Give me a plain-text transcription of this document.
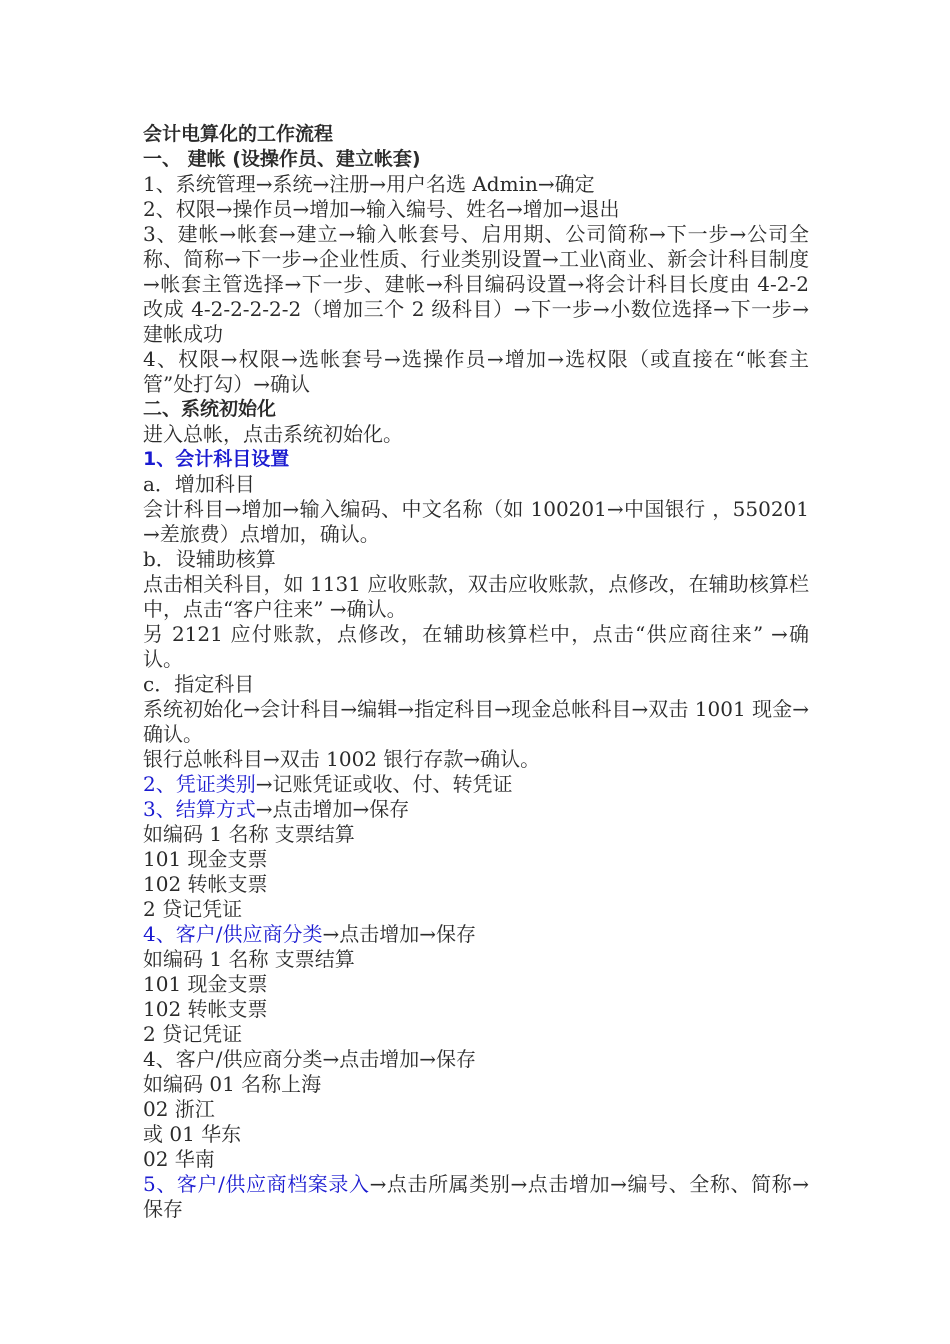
会计电算化的工作流程

一、 建帐 (设操作员、建立帐套)

1、系统管理→系统→注册→用户名选 Admin→确定

2、权限→操作员→增加→输入编号、姓名→增加→退出

3、建帐→帐套→建立→输入帐套号、启用期、公司简称→下一步→公司全称、简称→下一步→企业性质、行业类别设置→工业\商业、新会计科目制度→帐套主管选择→下一步、建帐→科目编码设置→将会计科目长度由 4-2-2 改成 4-2-2-2-2-2（增加三个 2 级科目）→下一步→小数位选择→下一步→建帐成功

4、权限→权限→选帐套号→选操作员→增加→选权限（或直接在“帐套主管”处打勾）→确认

二、系统初始化

进入总帐，点击系统初始化。

1、会计科目设置

a．增加科目

会计科目→增加→输入编码、中文名称（如 100201→中国银行 ，550201→差旅费）点增加，确认。

b．设辅助核算

点击相关科目，如 1131 应收账款，双击应收账款，点修改，在辅助核算栏中，点击“客户往来” →确认。

另 2121 应付账款，点修改，在辅助核算栏中，点击“供应商往来” →确认。

c．指定科目

系统初始化→会计科目→编辑→指定科目→现金总帐科目→双击 1001 现金→确认。

银行总帐科目→双击 1002 银行存款→确认。

2、凭证类别→记账凭证或收、付、转凭证

3、结算方式→点击增加→保存

如编码 1 名称 支票结算

101 现金支票

102 转帐支票

2 贷记凭证

4、客户/供应商分类→点击增加→保存

如编码 1 名称 支票结算

101 现金支票

102 转帐支票

2 贷记凭证

4、客户/供应商分类→点击增加→保存

如编码 01 名称上海

02 浙江

或 01 华东

02 华南

5、客户/供应商档案录入→点击所属类别→点击增加→编号、全称、简称→保存
